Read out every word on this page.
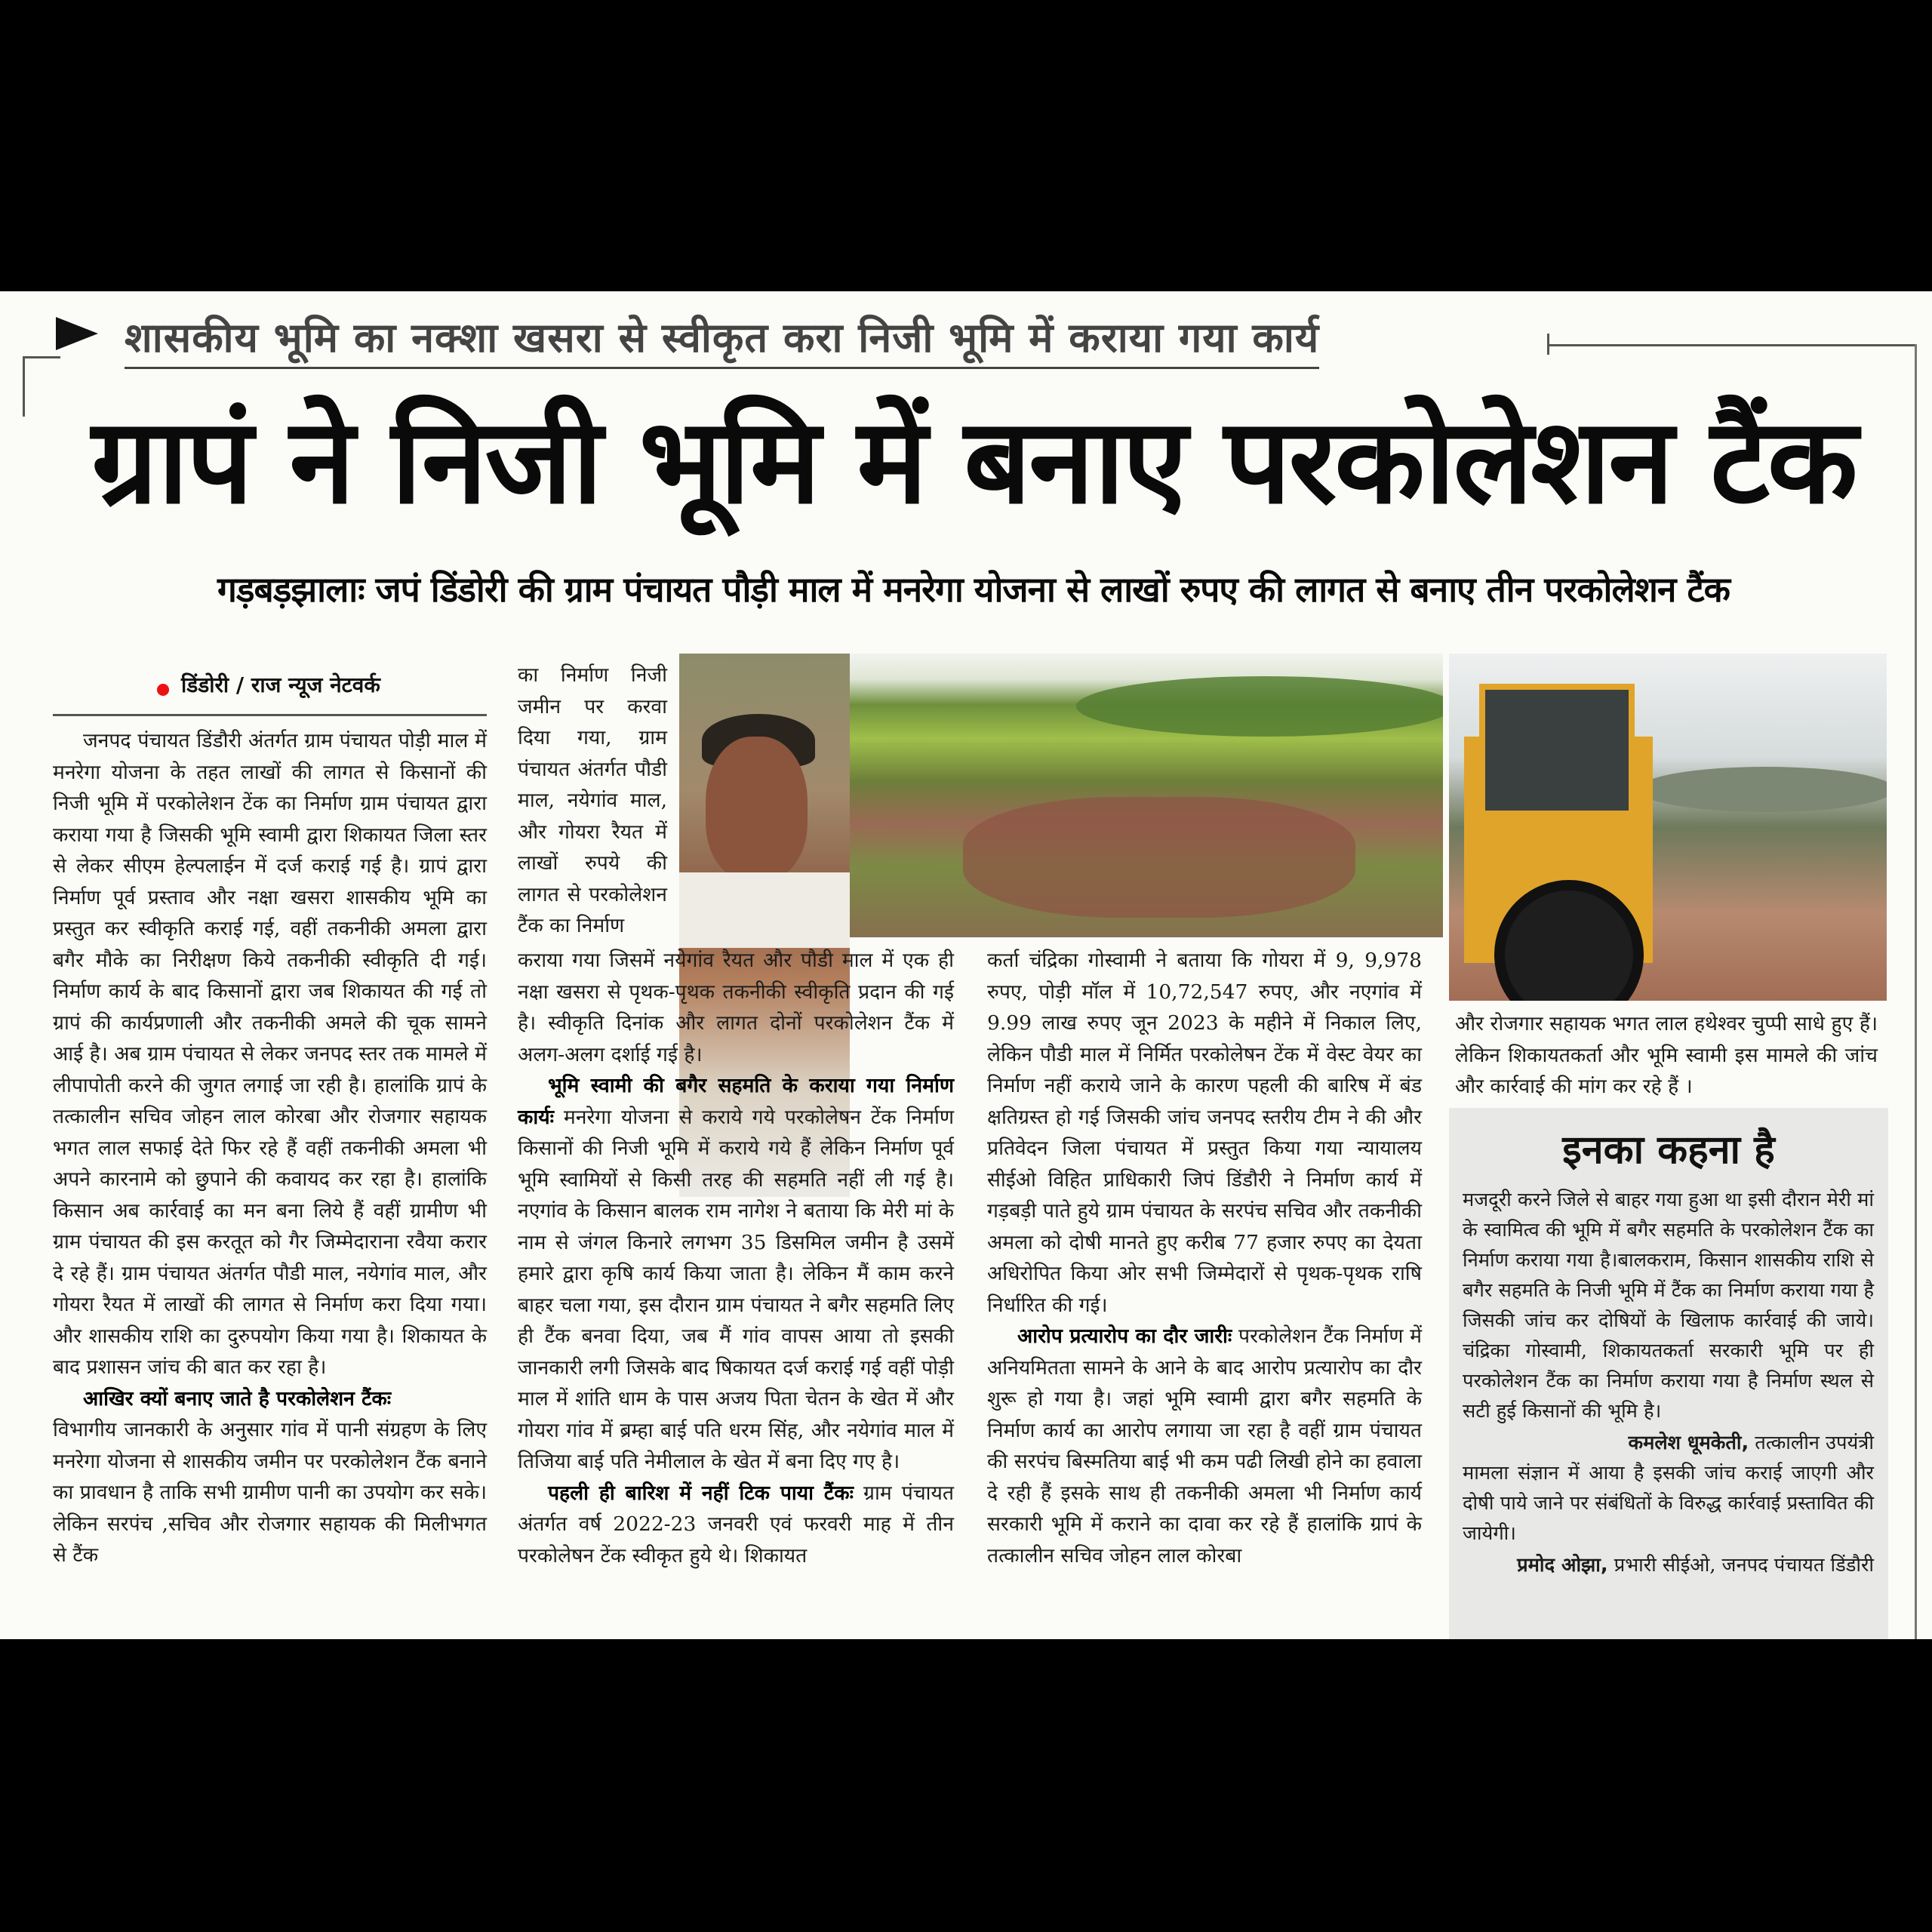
शासकीय भूमि का नक्शा खसरा से स्वीकृत करा निजी भूमि में कराया गया कार्य
ग्रापं ने निजी भूमि में बनाए परकोलेशन टैंक
गड़बड़झालाः जपं डिंडोरी की ग्राम पंचायत पौड़ी माल में मनरेगा योजना से लाखों रुपए की लागत से बनाए तीन परकोलेशन टैंक
डिंडोरी / राज न्यूज नेटवर्क

जनपद पंचायत डिंडौरी अंतर्गत ग्राम पंचायत पोड़ी माल में मनरेगा योजना के तहत लाखों की लागत से किसानों की निजी भूमि में परकोलेशन टेंक का निर्माण ग्राम पंचायत द्वारा कराया गया है जिसकी भूमि स्वामी द्वारा शिकायत जिला स्तर से लेकर सीएम हेल्पलाईन में दर्ज कराई गई है। ग्रापं द्वारा निर्माण पूर्व प्रस्ताव और नक्षा खसरा शासकीय भूमि का प्रस्तुत कर स्वीकृति कराई गई, वहीं तकनीकी अमला द्वारा बगैर मौके का निरीक्षण किये तकनीकी स्वीकृति दी गई। निर्माण कार्य के बाद किसानों द्वारा जब शिकायत की गई तो ग्रापं की कार्यप्रणाली और तकनीकी अमले की चूक सामने आई है। अब ग्राम पंचायत से लेकर जनपद स्तर तक मामले में लीपापोती करने की जुगत लगाई जा रही है। हालांकि ग्रापं के तत्कालीन सचिव जोहन लाल कोरबा और रोजगार सहायक भगत लाल सफाई देते फिर रहे हैं वहीं तकनीकी अमला भी अपने कारनामे को छुपाने की कवायद कर रहा है। हालांकि किसान अब कार्रवाई का मन बना लिये हैं वहीं ग्रामीण भी ग्राम पंचायत की इस करतूत को गैर जिम्मेदाराना रवैया करार दे रहे हैं। ग्राम पंचायत अंतर्गत पौडी माल, नयेगांव माल, और गोयरा रैयत में लाखों की लागत से निर्माण करा दिया गया। और शासकीय राशि का दुरुपयोग किया गया है। शिकायत के बाद प्रशासन जांच की बात कर रहा है।

आखिर क्यों बनाए जाते है परकोलेशन टैंकः

विभागीय जानकारी के अनुसार गांव में पानी संग्रहण के लिए मनरेगा योजना से शासकीय जमीन पर परकोलेशन टैंक बनाने का प्रावधान है ताकि सभी ग्रामीण पानी का उपयोग कर सके। लेकिन सरपंच ,सचिव और रोजगार सहायक की मिलीभगत से टैंक

का निर्माण निजी जमीन पर करवा दिया गया, ग्राम पंचायत अंतर्गत पौडी माल, नयेगांव माल, और गोयरा रैयत में लाखों रुपये की लागत से परकोलेशन टैंक का निर्माण

कराया गया जिसमें नयेगांव रैयत और पौडी माल में एक ही नक्षा खसरा से पृथक-पृथक तकनीकी स्वीकृति प्रदान की गई है। स्वीकृति दिनांक और लागत दोनों परकोलेशन टैंक में अलग-अलग दर्शाई गई है।

भूमि स्वामी की बगैर सहमति के कराया गया निर्माण कार्यः मनरेगा योजना से कराये गये परकोलेषन टेंक निर्माण किसानों की निजी भूमि में कराये गये हैं लेकिन निर्माण पूर्व भूमि स्वामियों से किसी तरह की सहमति नहीं ली गई है। नएगांव के किसान बालक राम नागेश ने बताया कि मेरी मां के नाम से जंगल किनारे लगभग 35 डिसमिल जमीन है उसमें हमारे द्वारा कृषि कार्य किया जाता है। लेकिन मैं काम करने बाहर चला गया, इस दौरान ग्राम पंचायत ने बगैर सहमति लिए ही टैंक बनवा दिया, जब मैं गांव वापस आया तो इसकी जानकारी लगी जिसके बाद षिकायत दर्ज कराई गई वहीं पोड़ी माल में शांति धाम के पास अजय पिता चेतन के खेत में और गोयरा गांव में ब्रम्हा बाई पति धरम सिंह, और नयेगांव माल में तिजिया बाई पति नेमीलाल के खेत में बना दिए गए है।

पहली ही बारिश में नहीं टिक पाया टैंकः ग्राम पंचायत अंतर्गत वर्ष 2022-23 जनवरी एवं फरवरी माह में तीन परकोलेषन टेंक स्वीकृत हुये थे। शिकायत

कर्ता चंद्रिका गोस्वामी ने बताया कि गोयरा में 9, 9,978 रुपए, पोड़ी मॉल में 10,72,547 रुपए, और नएगांव में 9.99 लाख रुपए जून 2023 के महीने में निकाल लिए, लेकिन पौडी माल में निर्मित परकोलेषन टेंक में वेस्ट वेयर का निर्माण नहीं कराये जाने के कारण पहली की बारिष में बंड क्षतिग्रस्त हो गई जिसकी जांच जनपद स्तरीय टीम ने की और प्रतिवेदन जिला पंचायत में प्रस्तुत किया गया न्यायालय सीईओ विहित प्राधिकारी जिपं डिंडौरी ने निर्माण कार्य में गड़बड़ी पाते हुये ग्राम पंचायत के सरपंच सचिव और तकनीकी अमला को दोषी मानते हुए करीब 77 हजार रुपए का देयता अधिरोपित किया ओर सभी जिम्मेदारों से पृथक-पृथक राषि निर्धारित की गई।

आरोप प्रत्यारोप का दौर जारीः परकोलेशन टैंक निर्माण में अनियमितता सामने के आने के बाद आरोप प्रत्यारोप का दौर शुरू हो गया है। जहां भूमि स्वामी द्वारा बगैर सहमति के निर्माण कार्य का आरोप लगाया जा रहा है वहीं ग्राम पंचायत की सरपंच बिस्मतिया बाई भी कम पढी लिखी होने का हवाला दे रही हैं इसके साथ ही तकनीकी अमला भी निर्माण कार्य सरकारी भूमि में कराने का दावा कर रहे हैं हालांकि ग्रापं के तत्कालीन सचिव जोहन लाल कोरबा

और रोजगार सहायक भगत लाल हथेश्वर चुप्पी साधे हुए हैं। लेकिन शिकायतकर्ता और भूमि स्वामी इस मामले की जांच और कार्रवाई की मांग कर रहे हैं ।

इनका कहना है

मजदूरी करने जिले से बाहर गया हुआ था इसी दौरान मेरी मां के स्वामित्व की भूमि में बगैर सहमति के परकोलेशन टैंक का निर्माण कराया गया है।बालकराम, किसान शासकीय राशि से बगैर सहमति के निजी भूमि में टैंक का निर्माण कराया गया है जिसकी जांच कर दोषियों के खिलाफ कार्रवाई की जाये।चंद्रिका गोस्वामी, शिकायतकर्ता सरकारी भूमि पर ही परकोलेशन टैंक का निर्माण कराया गया है निर्माण स्थल से सटी हुई किसानों की भूमि है।

कमलेश धूमकेती, तत्कालीन उपयंत्री

मामला संज्ञान में आया है इसकी जांच कराई जाएगी और दोषी पाये जाने पर संबंधितों के विरुद्ध कार्रवाई प्रस्तावित की जायेगी।

प्रमोद ओझा, प्रभारी सीईओ, जनपद पंचायत डिंडौरी
